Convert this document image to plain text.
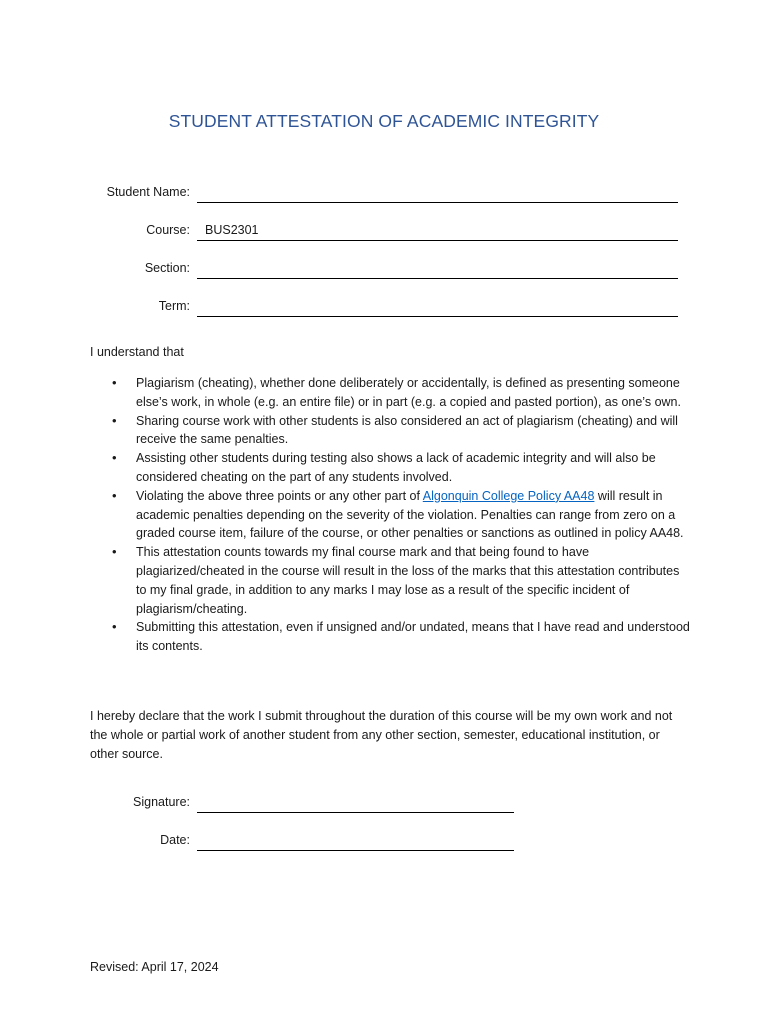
STUDENT ATTESTATION OF ACADEMIC INTEGRITY
Student Name:
Course: BUS2301
Section:
Term:
I understand that
• Plagiarism (cheating), whether done deliberately or accidentally, is defined as presenting someone else’s work, in whole (e.g. an entire file) or in part (e.g. a copied and pasted portion), as one’s own.
• Sharing course work with other students is also considered an act of plagiarism (cheating) and will receive the same penalties.
• Assisting other students during testing also shows a lack of academic integrity and will also be considered cheating on the part of any students involved.
• Violating the above three points or any other part of Algonquin College Policy AA48 will result in academic penalties depending on the severity of the violation. Penalties can range from zero on a graded course item, failure of the course, or other penalties or sanctions as outlined in policy AA48.
• This attestation counts towards my final course mark and that being found to have plagiarized/cheated in the course will result in the loss of the marks that this attestation contributes to my final grade, in addition to any marks I may lose as a result of the specific incident of plagiarism/cheating.
• Submitting this attestation, even if unsigned and/or undated, means that I have read and understood its contents.
I hereby declare that the work I submit throughout the duration of this course will be my own work and not the whole or partial work of another student from any other section, semester, educational institution, or other source.
Signature:
Date:
Revised: April 17, 2024
